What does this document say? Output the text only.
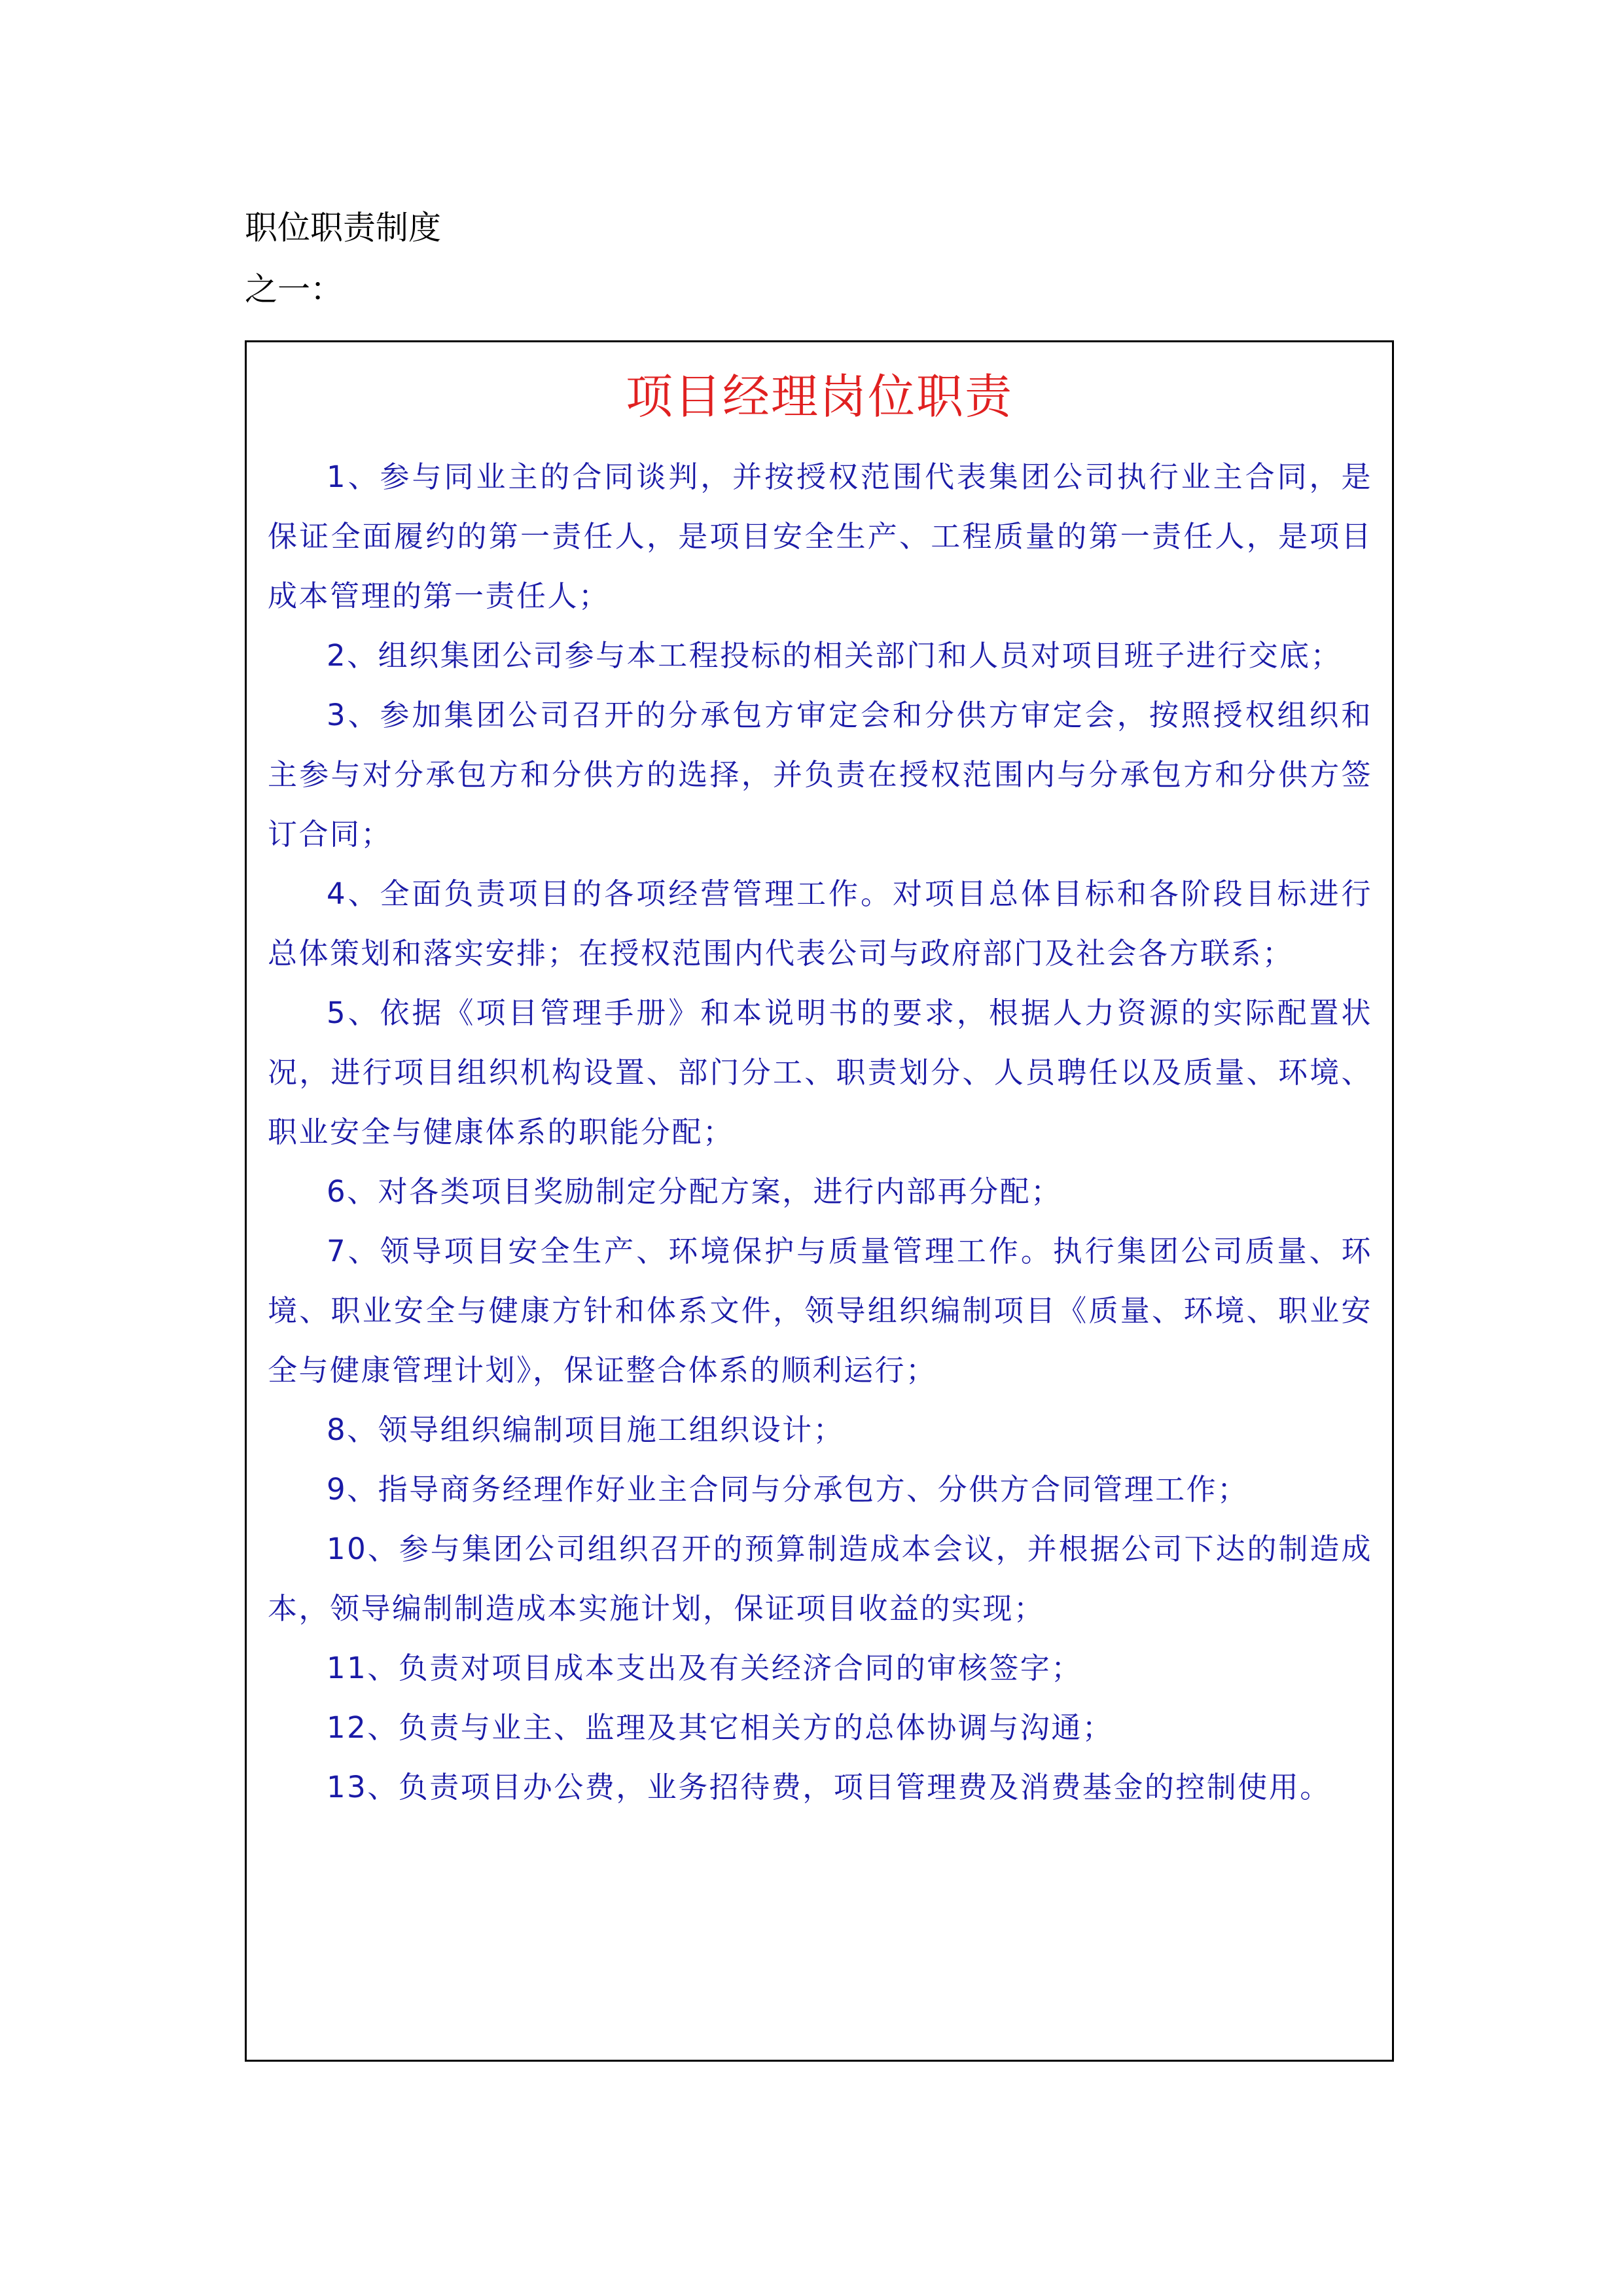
职位职责制度
之一：
项目经理岗位职责
1、参与同业主的合同谈判，并按授权范围代表集团公司执行业主合同，是保证全面履约的第一责任人，是项目安全生产、工程质量的第一责任人，是项目成本管理的第一责任人；
2、组织集团公司参与本工程投标的相关部门和人员对项目班子进行交底；
3、参加集团公司召开的分承包方审定会和分供方审定会，按照授权组织和主参与对分承包方和分供方的选择，并负责在授权范围内与分承包方和分供方签订合同；
4、全面负责项目的各项经营管理工作。对项目总体目标和各阶段目标进行总体策划和落实安排；在授权范围内代表公司与政府部门及社会各方联系；
5、依据《项目管理手册》和本说明书的要求，根据人力资源的实际配置状况，进行项目组织机构设置、部门分工、职责划分、人员聘任以及质量、环境、职业安全与健康体系的职能分配；
6、对各类项目奖励制定分配方案，进行内部再分配；
7、领导项目安全生产、环境保护与质量管理工作。执行集团公司质量、环境、职业安全与健康方针和体系文件，领导组织编制项目《质量、环境、职业安全与健康管理计划》，保证整合体系的顺利运行；
8、领导组织编制项目施工组织设计；
9、指导商务经理作好业主合同与分承包方、分供方合同管理工作；
10、参与集团公司组织召开的预算制造成本会议，并根据公司下达的制造成本，领导编制制造成本实施计划，保证项目收益的实现；
11、负责对项目成本支出及有关经济合同的审核签字；
12、负责与业主、监理及其它相关方的总体协调与沟通；
13、负责项目办公费，业务招待费，项目管理费及消费基金的控制使用。
